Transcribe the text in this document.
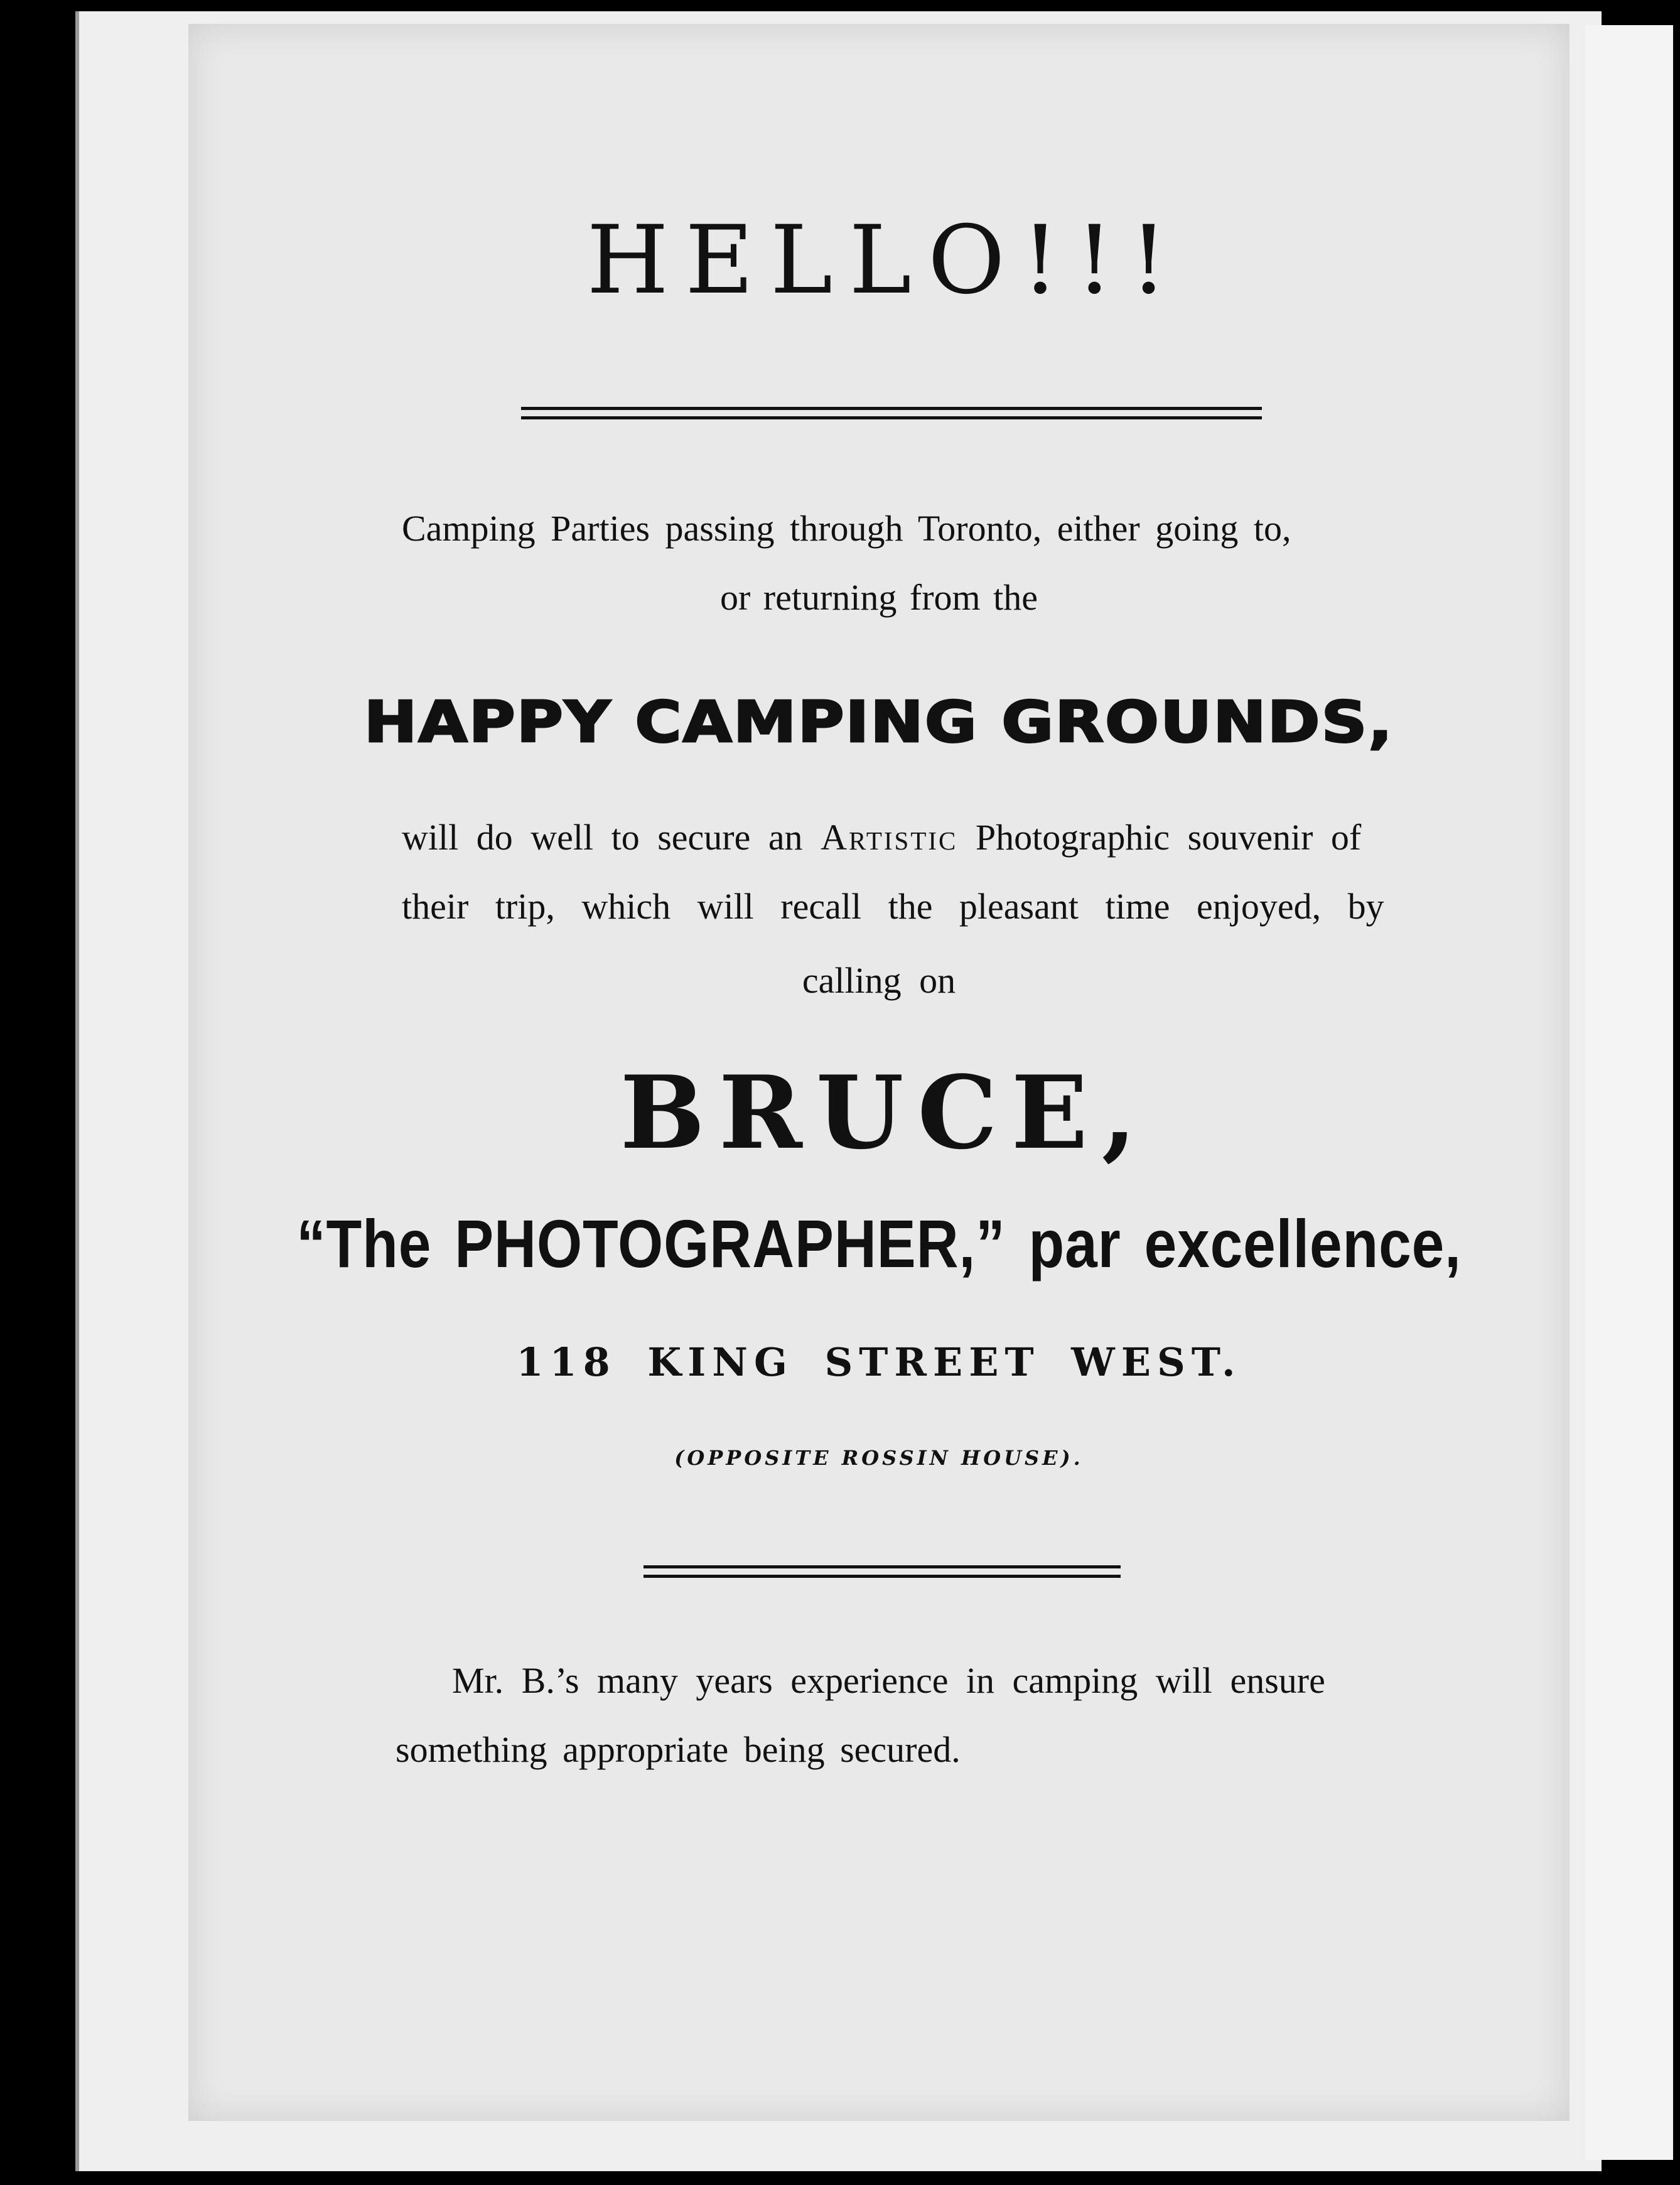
HELLO!!!
Camping Parties passing through Toronto, either going to,
or returning from the
HAPPY CAMPING GROUNDS,
will do well to secure an Artistic Photographic souvenir of
their trip, which will recall the pleasant time enjoyed, by
calling on
BRUCE,
“The PHOTOGRAPHER,” par excellence,
118 KING STREET WEST.
(OPPOSITE ROSSIN HOUSE).
Mr. B.’s many years experience in camping will ensure
something appropriate being secured.
